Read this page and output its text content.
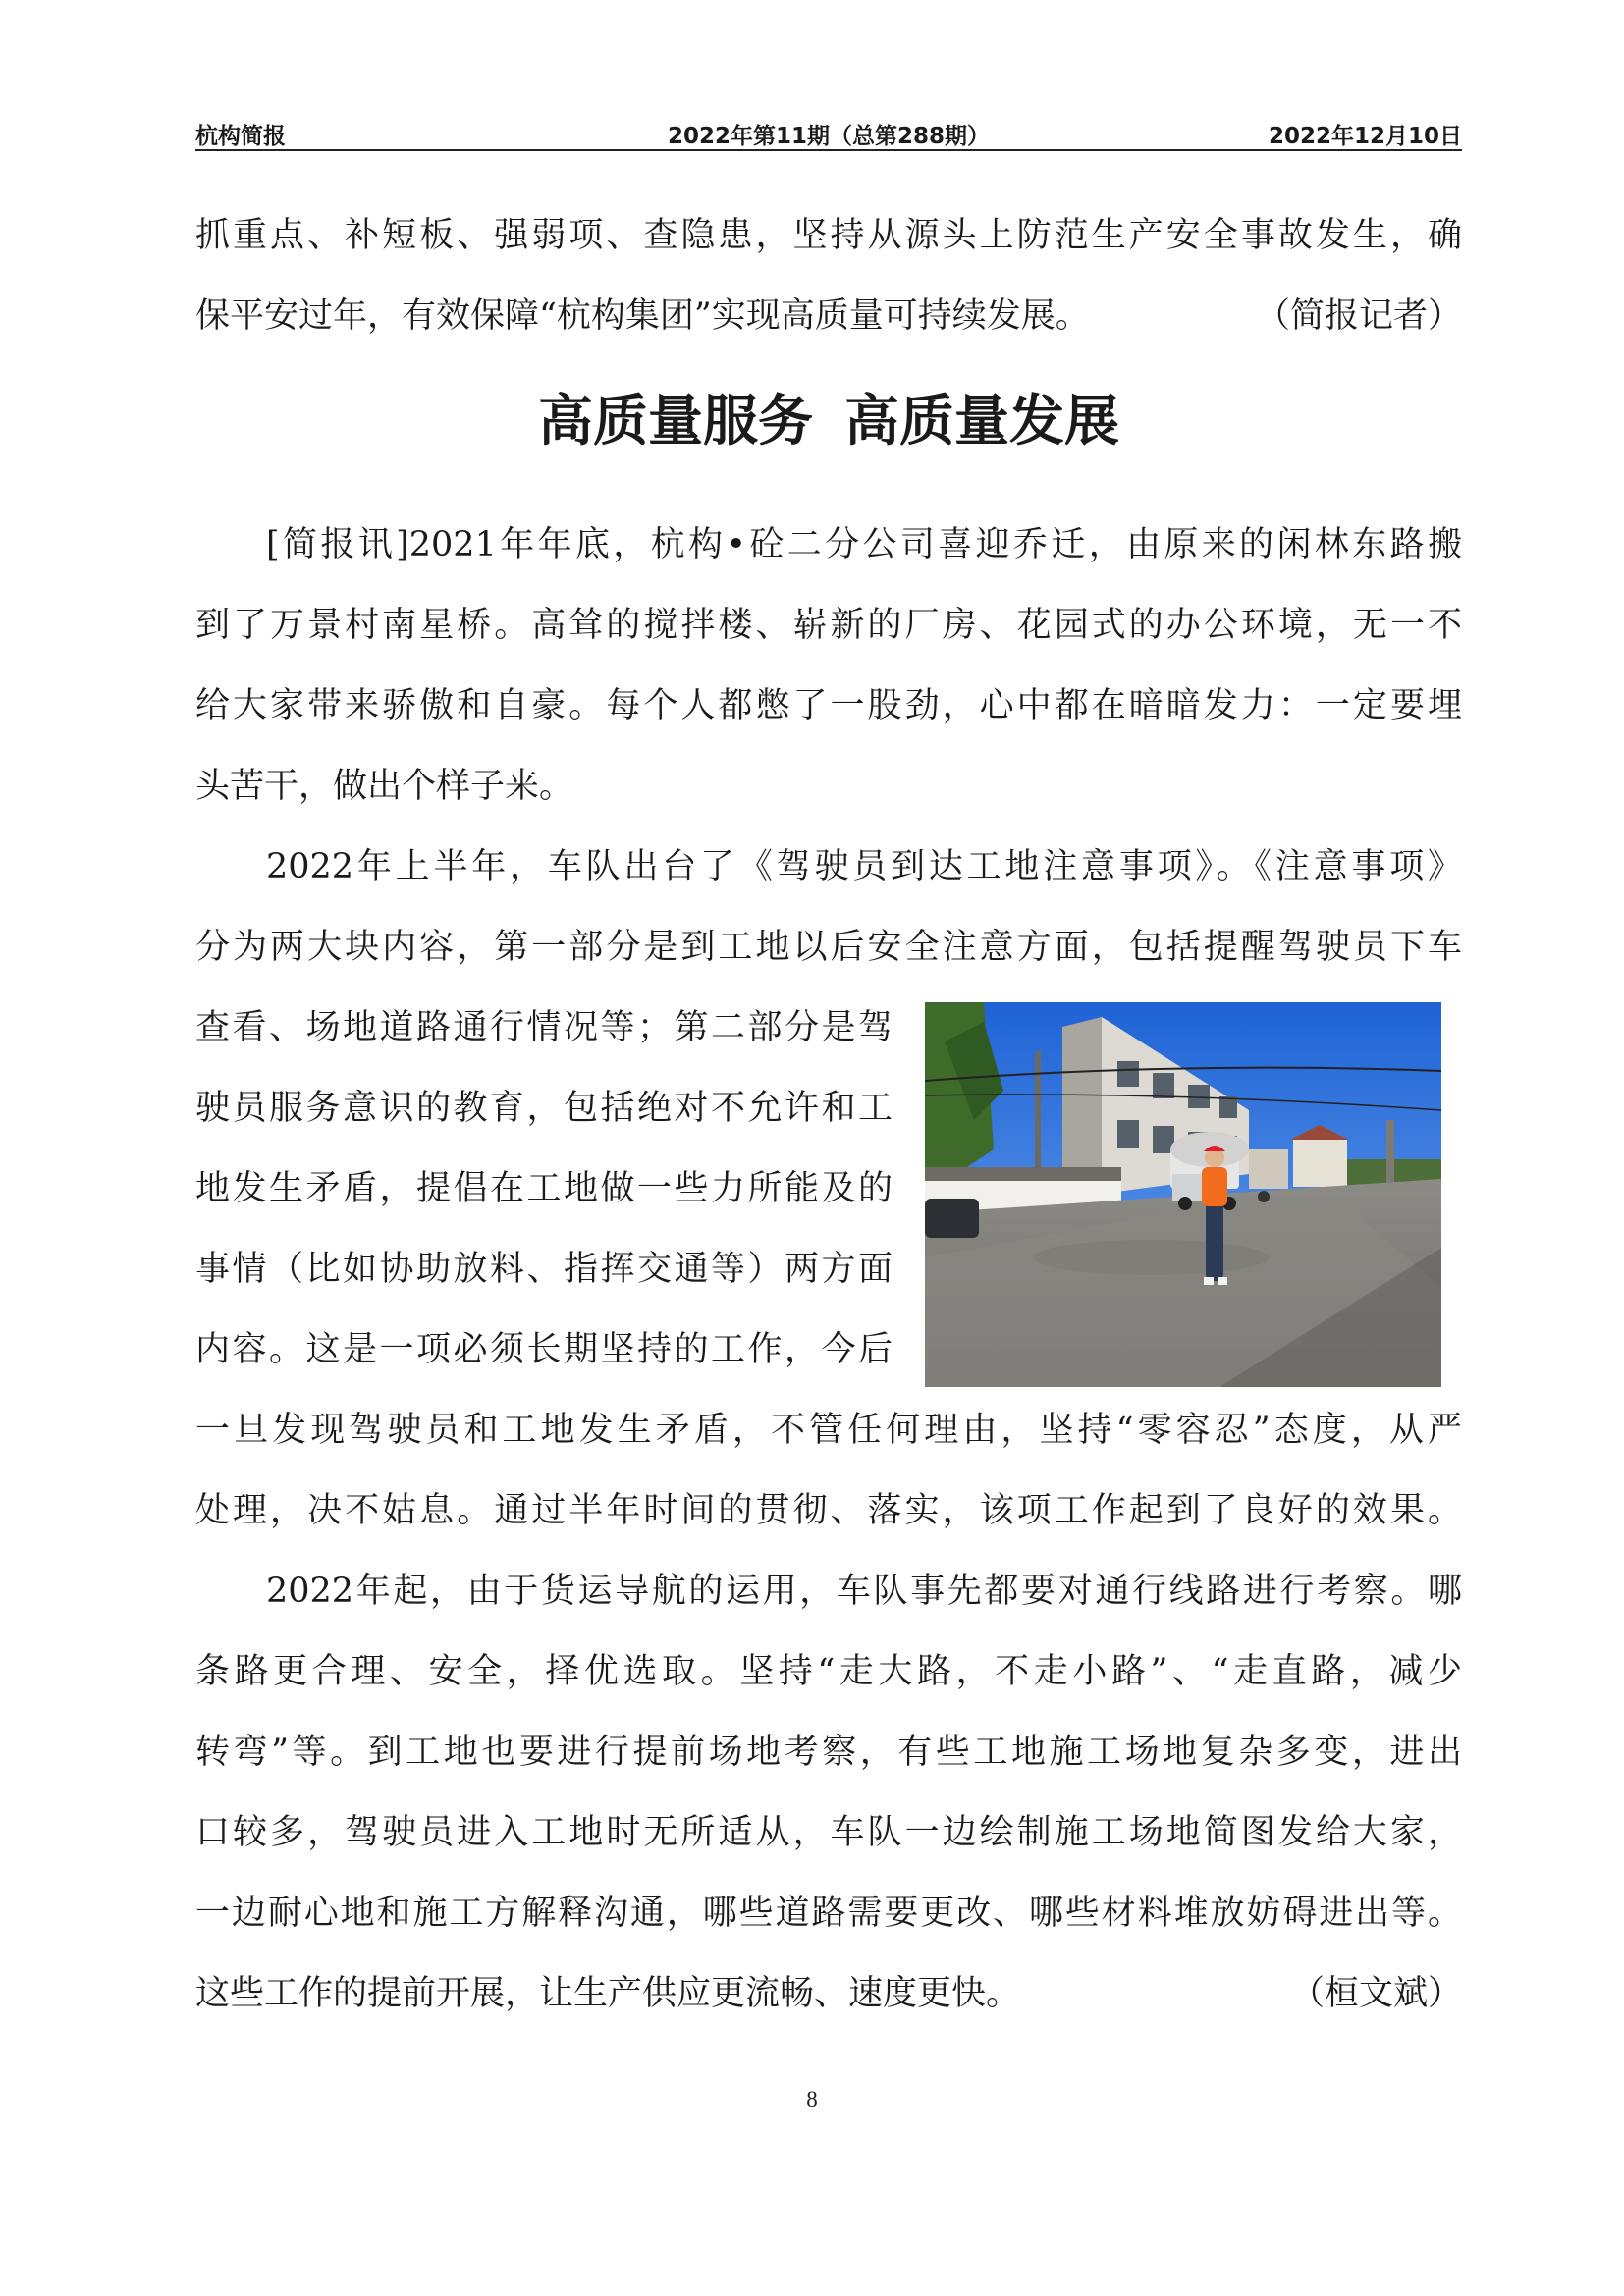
杭构简报	2022年第11期（总第288期）	2022年12月10日
抓重点、补短板、强弱项、查隐患，坚持从源头上防范生产安全事故发生，确
保平安过年，有效保障“杭构集团”实现高质量可持续发展。	（简报记者）
高质量服务 高质量发展
[简报讯]2021年年底，杭构•砼二分公司喜迎乔迁，由原来的闲林东路搬
到了万景村南星桥。高耸的搅拌楼、崭新的厂房、花园式的办公环境，无一不
给大家带来骄傲和自豪。每个人都憋了一股劲，心中都在暗暗发力：一定要埋
头苦干，做出个样子来。
2022年上半年，车队出台了《驾驶员到达工地注意事项》。《注意事项》
分为两大块内容，第一部分是到工地以后安全注意方面，包括提醒驾驶员下车
查看、场地道路通行情况等；第二部分是驾
驶员服务意识的教育，包括绝对不允许和工
地发生矛盾，提倡在工地做一些力所能及的
事情（比如协助放料、指挥交通等）两方面
内容。这是一项必须长期坚持的工作，今后
一旦发现驾驶员和工地发生矛盾，不管任何理由，坚持“零容忍”态度，从严
处理，决不姑息。通过半年时间的贯彻、落实，该项工作起到了良好的效果。
2022年起，由于货运导航的运用，车队事先都要对通行线路进行考察。哪
条路更合理、安全，择优选取。坚持“走大路，不走小路”、“走直路，减少
转弯”等。到工地也要进行提前场地考察，有些工地施工场地复杂多变，进出
口较多，驾驶员进入工地时无所适从，车队一边绘制施工场地简图发给大家，
一边耐心地和施工方解释沟通，哪些道路需要更改、哪些材料堆放妨碍进出等。
这些工作的提前开展，让生产供应更流畅、速度更快。	（桓文斌）
8
